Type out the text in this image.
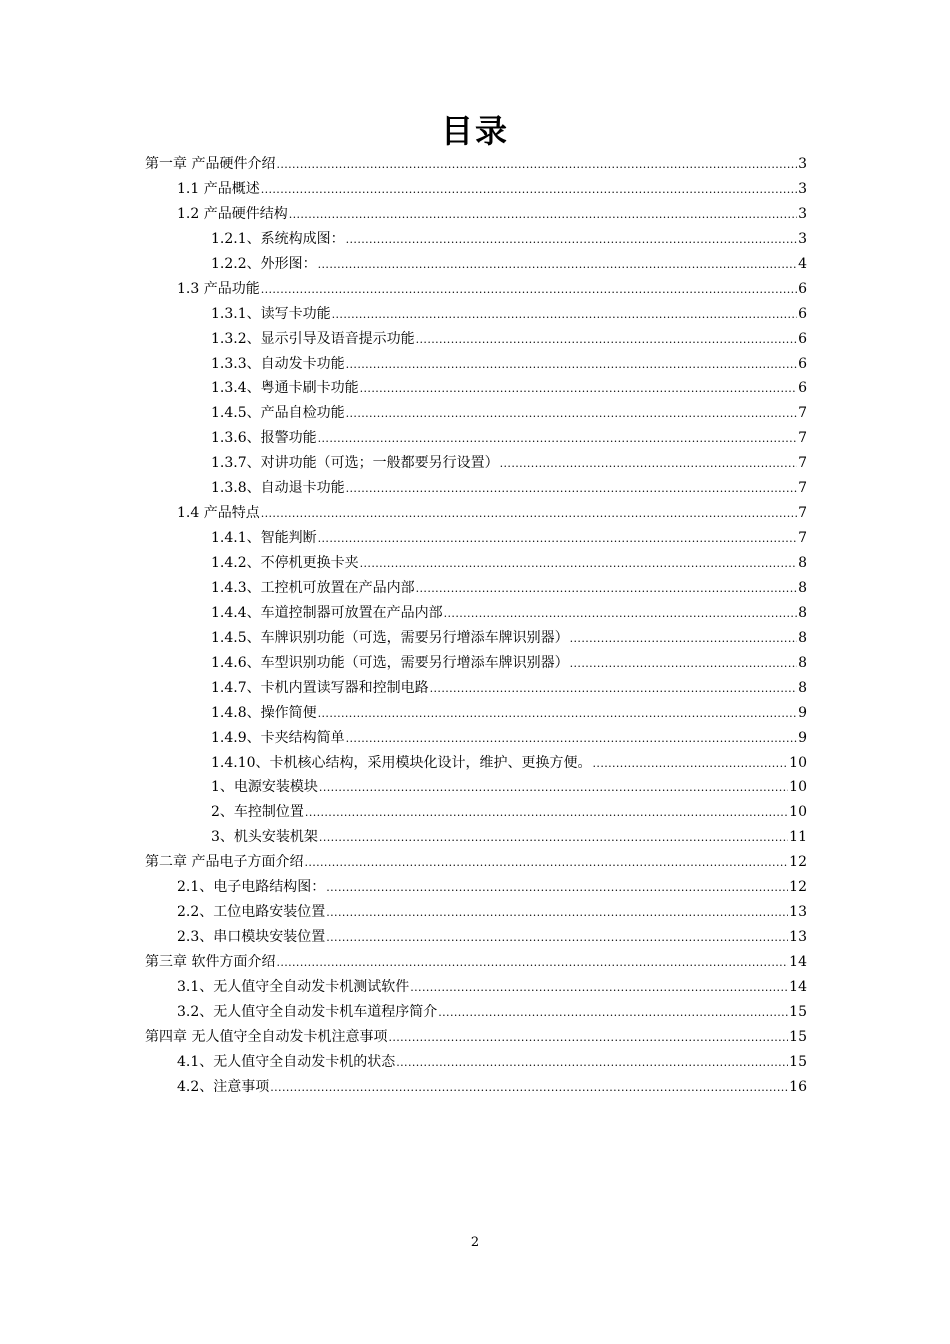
目录
第一章 产品硬件介绍 .....	3
1.1 产品概述 .....	3
1.2 产品硬件结构 .....	3
1.2.1、系统构成图： .....	3
1.2.2、外形图： .....	4
1.3 产品功能 .....	6
1.3.1、读写卡功能 .....	6
1.3.2、显示引导及语音提示功能 .....	6
1.3.3、自动发卡功能 .....	6
1.3.4、粤通卡刷卡功能 .....	6
1.4.5、产品自检功能 .....	7
1.3.6、报警功能 .....	7
1.3.7、对讲功能（可选；一般都要另行设置） .....	7
1.3.8、自动退卡功能 .....	7
1.4 产品特点 .....	7
1.4.1、智能判断 .....	7
1.4.2、不停机更换卡夹 .....	8
1.4.3、工控机可放置在产品内部 .....	8
1.4.4、车道控制器可放置在产品内部 .....	8
1.4.5、车牌识别功能（可选，需要另行增添车牌识别器） .....	8
1.4.6、车型识别功能（可选，需要另行增添车牌识别器） .....	8
1.4.7、卡机内置读写器和控制电路 .....	8
1.4.8、操作简便 .....	9
1.4.9、卡夹结构简单 .....	9
1.4.10、卡机核心结构，采用模块化设计，维护、更换方便。 .....	10
1、电源安装模块 .....	10
2、车控制位置 .....	10
3、机头安装机架 .....	11
第二章 产品电子方面介绍 .....	12
2.1、电子电路结构图： .....	12
2.2、工位电路安装位置 .....	13
2.3、串口模块安装位置 .....	13
第三章 软件方面介绍 .....	14
3.1、无人值守全自动发卡机测试软件 .....	14
3.2、无人值守全自动发卡机车道程序简介 .....	15
第四章 无人值守全自动发卡机注意事项 .....	15
4.1、无人值守全自动发卡机的状态 .....	15
4.2、注意事项 .....	16
2
